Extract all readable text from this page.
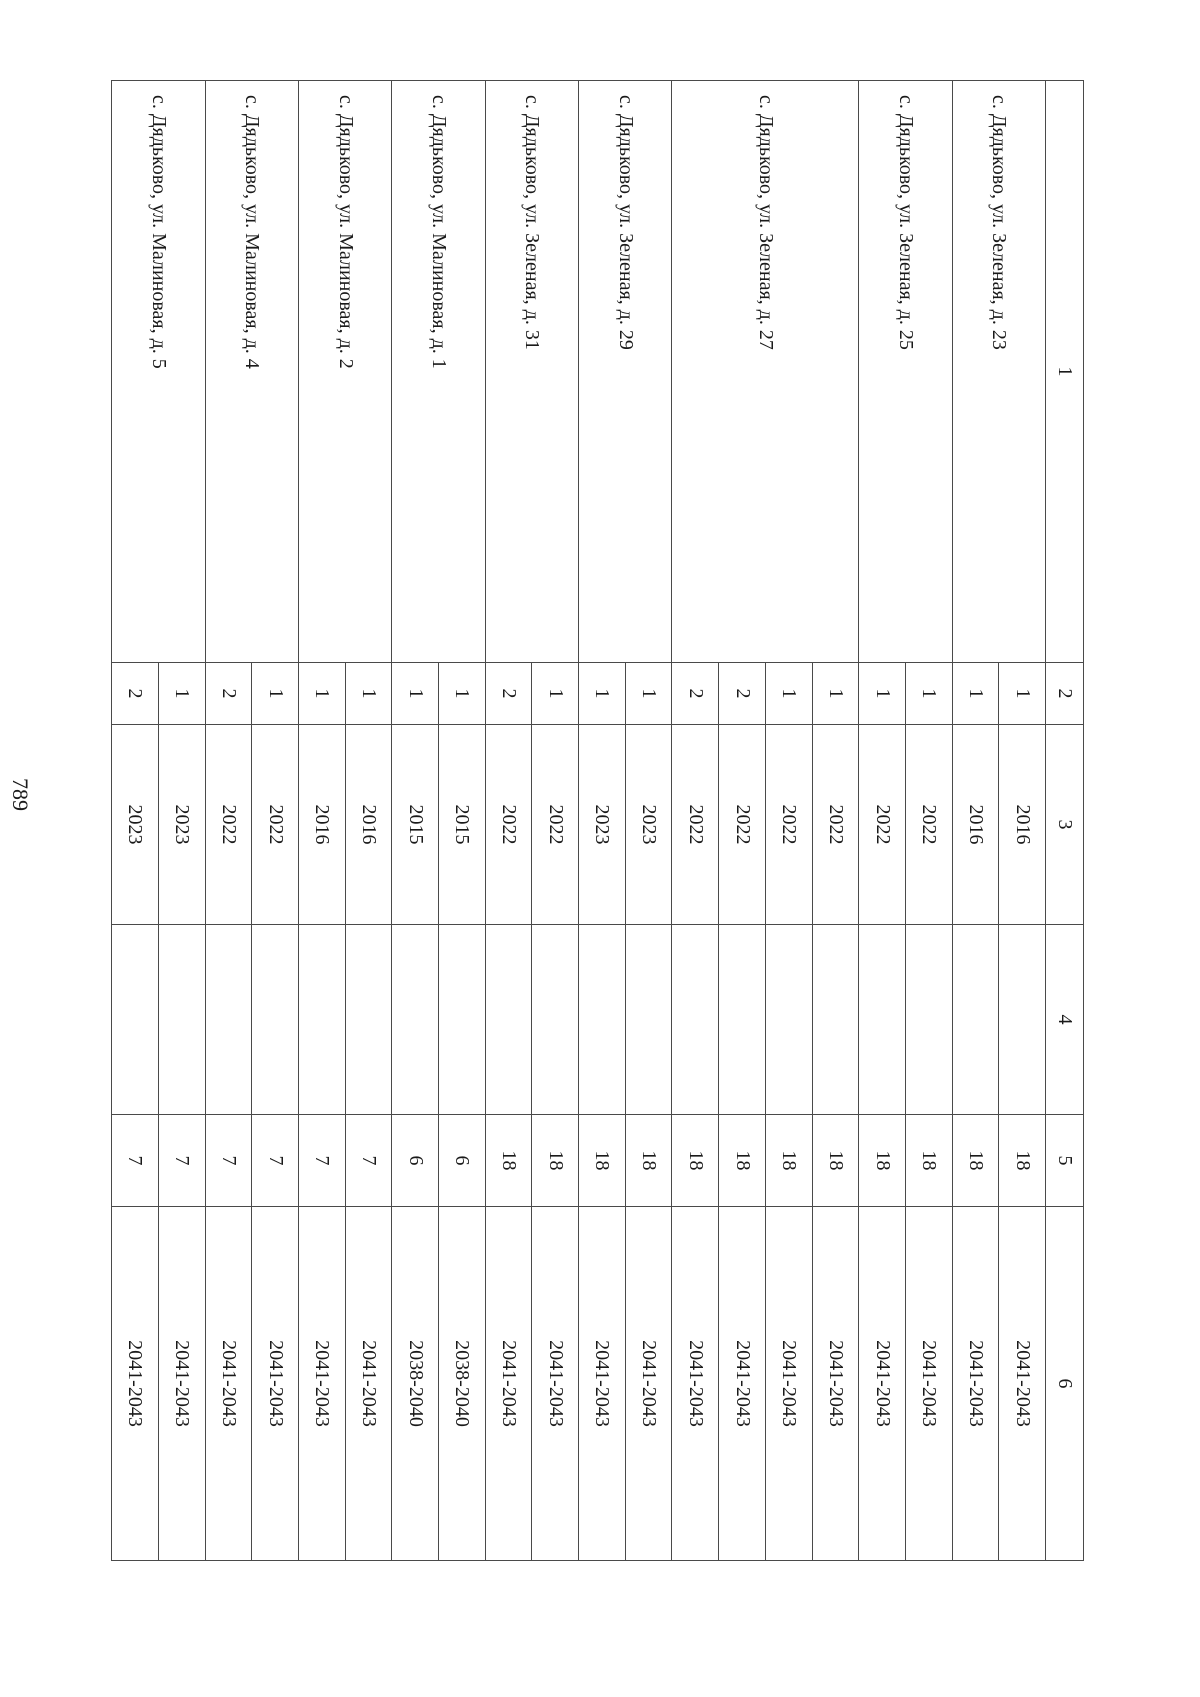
789
1	2	3	4	5	6
с. Дядьково, ул. Зеленая, д. 23	1	2016		18	2041-2043
	1	2016		18	2041-2043
с. Дядьково, ул. Зеленая, д. 25	1	2022		18	2041-2043
	1	2022		18	2041-2043
с. Дядьково, ул. Зеленая, д. 27	1	2022		18	2041-2043
	1	2022		18	2041-2043
	2	2022		18	2041-2043
	2	2022		18	2041-2043
с. Дядьково, ул. Зеленая, д. 29	1	2023		18	2041-2043
	1	2023		18	2041-2043
с. Дядьково, ул. Зеленая, д. 31	1	2022		18	2041-2043
	2	2022		18	2041-2043
с. Дядьково, ул. Малиновая, д. 1	1	2015		6	2038-2040
	1	2015		6	2038-2040
с. Дядьково, ул. Малиновая, д. 2	1	2016		7	2041-2043
	1	2016		7	2041-2043
с. Дядьково, ул. Малиновая, д. 4	1	2022		7	2041-2043
	2	2022		7	2041-2043
с. Дядьково, ул. Малиновая, д. 5	1	2023		7	2041-2043
	2	2023		7	2041-2043
